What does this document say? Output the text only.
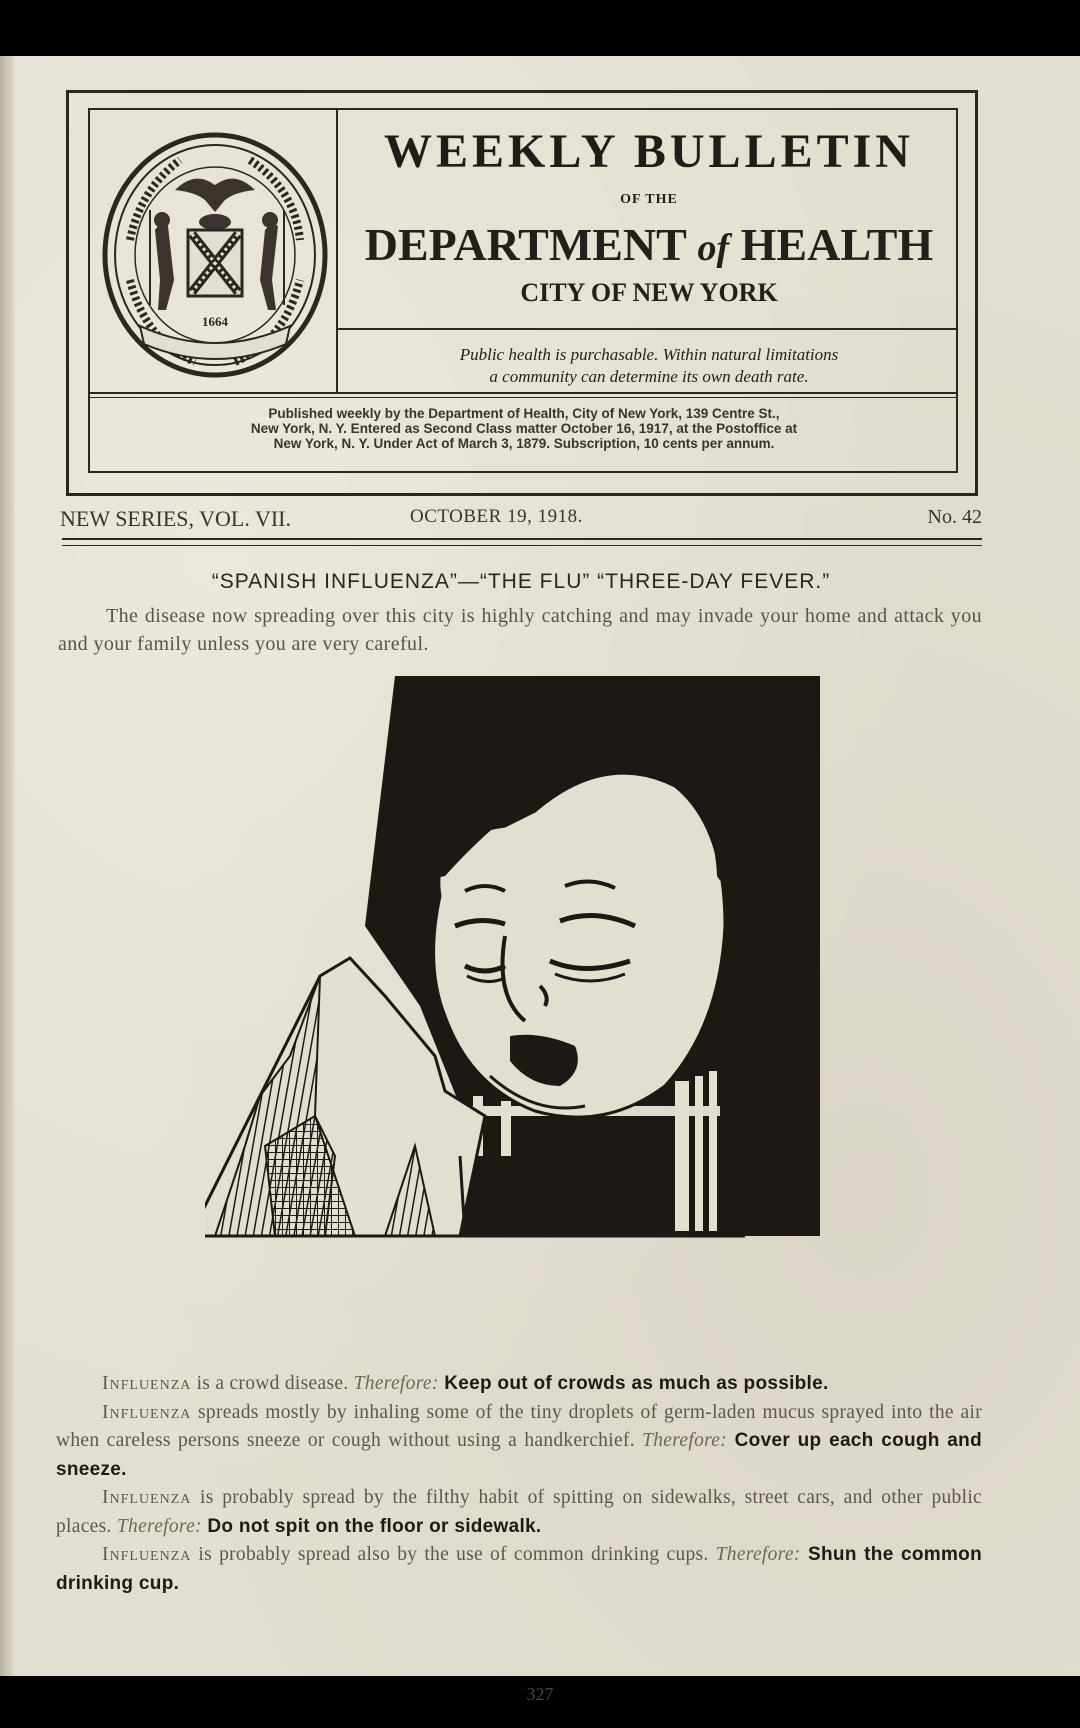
1664
WEEKLY BULLETIN
OF THE
DEPARTMENT of HEALTH
CITY OF NEW YORK
Public health is purchasable. Within natural limitations
a community can determine its own death rate.
Published weekly by the Department of Health, City of New York, 139 Centre St.,
New York, N. Y. Entered as Second Class matter October 16, 1917, at the Postoffice at
New York, N. Y. Under Act of March 3, 1879. Subscription, 10 cents per annum.
NEW SERIES, VOL. VII.	OCTOBER 19, 1918.	No. 42
“SPANISH INFLUENZA”—“THE FLU” “THREE-DAY FEVER.”
The disease now spreading over this city is highly catching and may invade your home and attack you and your family unless you are very careful.

Influenza is a crowd disease. Therefore: Keep out of crowds as much as possible.

Influenza spreads mostly by inhaling some of the tiny droplets of germ-laden mucus sprayed into the air when careless persons sneeze or cough without using a handkerchief. Therefore: Cover up each cough and sneeze.

Influenza is probably spread by the filthy habit of spitting on sidewalks, street cars, and other public places. Therefore: Do not spit on the floor or sidewalk.

Influenza is probably spread also by the use of common drinking cups. Therefore: Shun the common drinking cup.

327
